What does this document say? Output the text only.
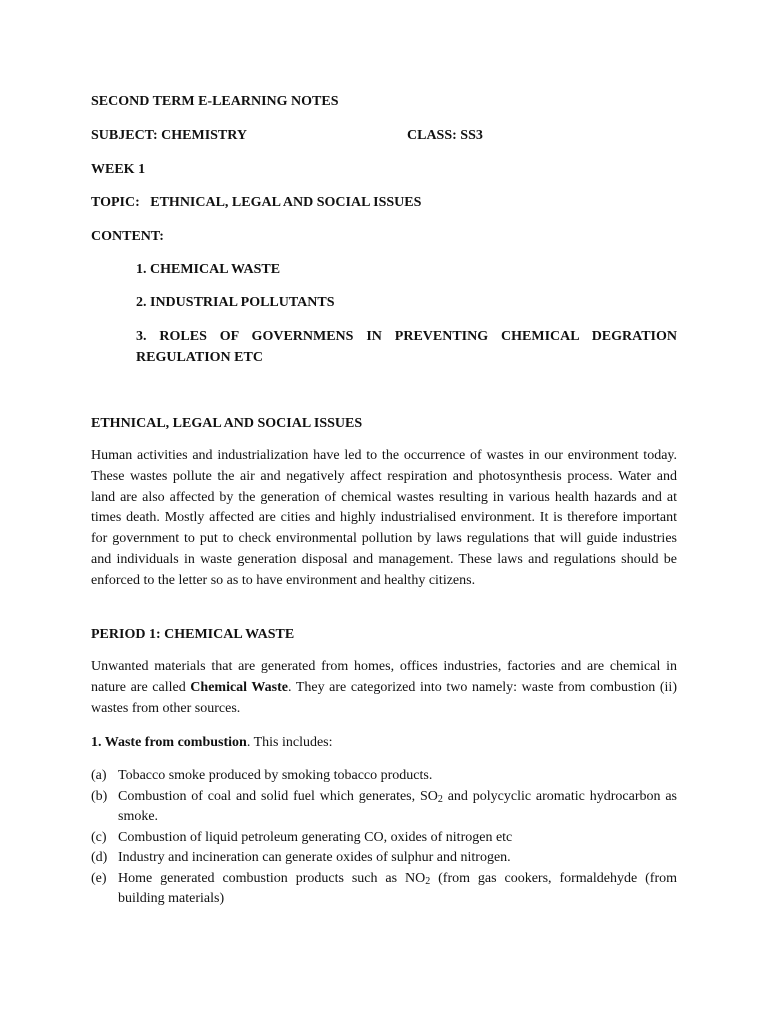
SECOND TERM E-LEARNING NOTES
SUBJECT: CHEMISTRY	CLASS: SS3
WEEK 1
TOPIC:   ETHNICAL, LEGAL AND SOCIAL ISSUES
CONTENT:
1. CHEMICAL WASTE
2. INDUSTRIAL POLLUTANTS
3. ROLES OF GOVERNMENS IN PREVENTING CHEMICAL DEGRATION REGULATION ETC
ETHNICAL, LEGAL AND SOCIAL ISSUES
Human activities and industrialization have led to the occurrence of wastes in our environment today. These wastes pollute the air and negatively affect respiration and photosynthesis process. Water and land are also affected by the generation of chemical wastes resulting in various health hazards and at times death. Mostly affected are cities and highly industrialised environment. It is therefore important for government to put to check environmental pollution by laws regulations that will guide industries and individuals in waste generation disposal and management. These laws and regulations should be enforced to the letter so as to have environment and healthy citizens.
PERIOD 1: CHEMICAL WASTE
Unwanted materials that are generated from homes, offices industries, factories and are chemical in nature are called Chemical Waste. They are categorized into two namely: waste from combustion (ii) wastes from other sources.
1. Waste from combustion. This includes:
(a) Tobacco smoke produced by smoking tobacco products.
(b) Combustion of coal and solid fuel which generates, $SO_2$ and polycyclic aromatic hydrocarbon as smoke.
(c) Combustion of liquid petroleum generating CO, oxides of nitrogen etc
(d) Industry and incineration can generate oxides of sulphur and nitrogen.
(e) Home generated combustion products such as $NO_2$ (from gas cookers, formaldehyde (from building materials)
